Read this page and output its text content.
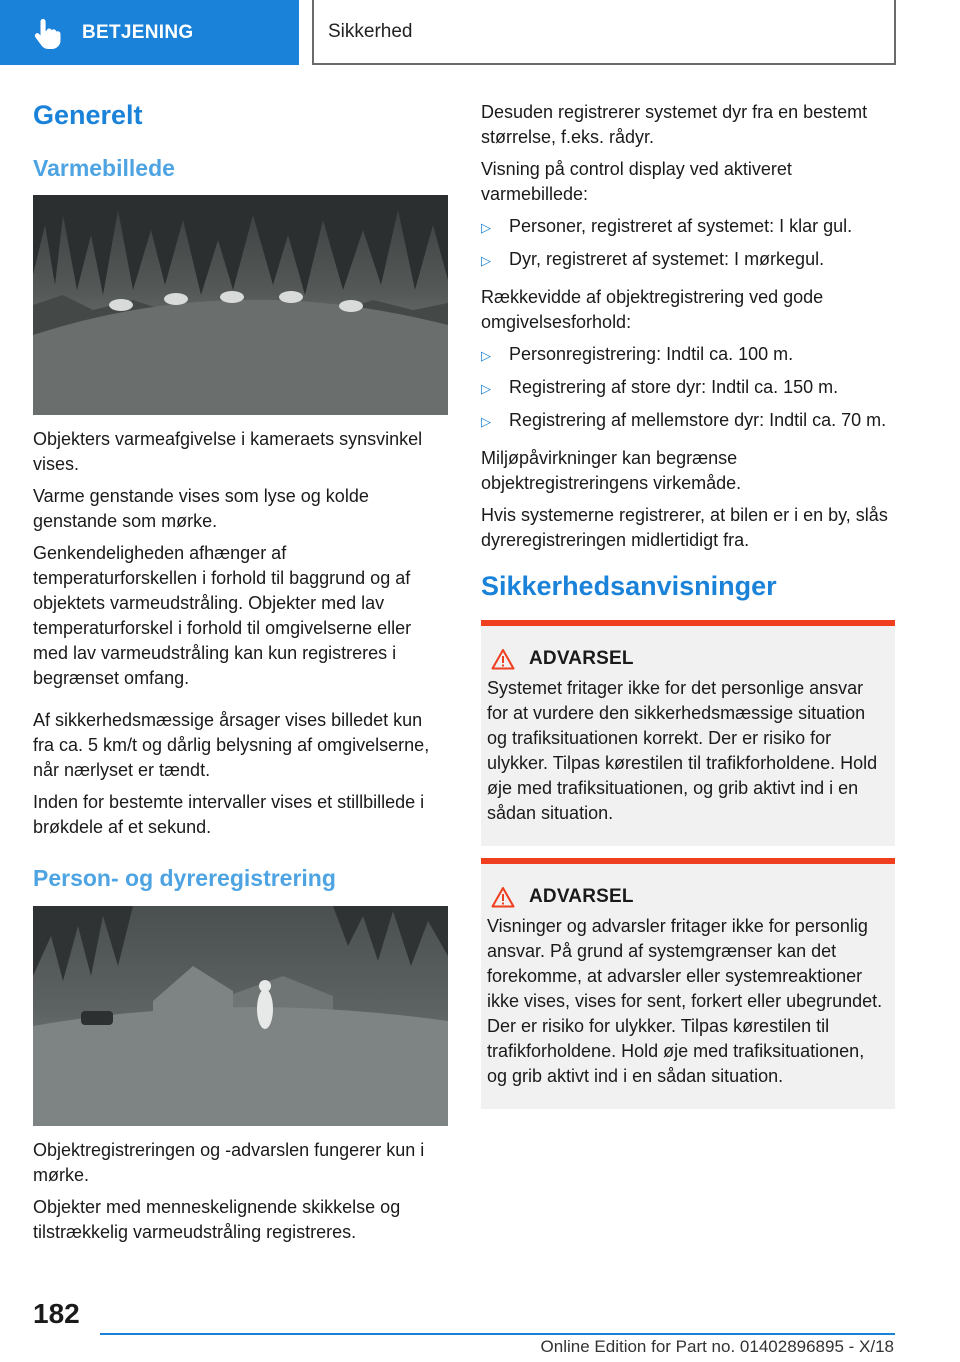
BETJENING	Sikkerhed
Generelt
Varmebillede

Objekters varmeafgivelse i kameraets synsvinkel vises.

Varme genstande vises som lyse og kolde genstande som mørke.

Genkendeligheden afhænger af temperaturforskellen i forhold til baggrund og af objektets varmeudstråling. Objekter med lav temperaturforskel i forhold til omgivelserne eller med lav varmeudstråling kan kun registreres i begrænset omfang.

Af sikkerhedsmæssige årsager vises billedet kun fra ca. 5 km/t og dårlig belysning af omgivelserne, når nærlyset er tændt.

Inden for bestemte intervaller vises et stillbillede i brøkdele af et sekund.

Person- og dyreregistrering

Objektregistreringen og -advarslen fungerer kun i mørke.

Objekter med menneskelignende skikkelse og tilstrækkelig varmeudstråling registreres.

Desuden registrerer systemet dyr fra en bestemt størrelse, f.eks. rådyr.

Visning på control display ved aktiveret varmebillede:

▷	Personer, registreret af systemet: I klar gul.
▷	Dyr, registreret af systemet: I mørkegul.

Rækkevidde af objektregistrering ved gode omgivelsesforhold:

▷	Personregistrering: Indtil ca. 100 m.
▷	Registrering af store dyr: Indtil ca. 150 m.
▷	Registrering af mellemstore dyr: Indtil ca. 70 m.

Miljøpåvirkninger kan begrænse objektregistreringens virkemåde.

Hvis systemerne registrerer, at bilen er i en by, slås dyreregistreringen midlertidigt fra.

Sikkerhedsanvisninger
ADVARSEL

Systemet fritager ikke for det personlige ansvar for at vurdere den sikkerhedsmæssige situation og trafiksituationen korrekt. Der er risiko for ulykker. Tilpas kørestilen til trafikforholdene. Hold øje med trafiksituationen, og grib aktivt ind i en sådan situation.

ADVARSEL

Visninger og advarsler fritager ikke for personlig ansvar. På grund af systemgrænser kan det forekomme, at advarsler eller systemreaktioner ikke vises, vises for sent, forkert eller ubegrundet. Der er risiko for ulykker. Tilpas kørestilen til trafikforholdene. Hold øje med trafiksituationen, og grib aktivt ind i en sådan situation.

182
Online Edition for Part no. 01402896895 - X/18
